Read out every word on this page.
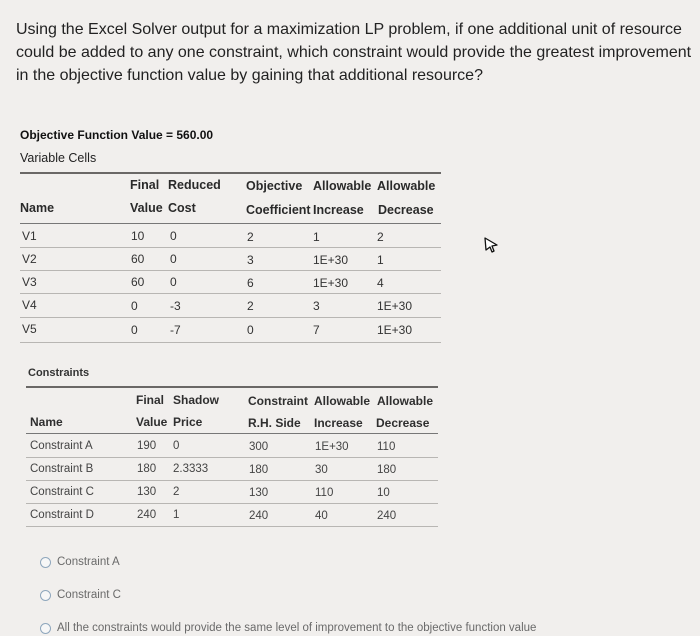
Using the Excel Solver output for a maximization LP problem, if one additional unit of resource could be added to any one constraint, which constraint would provide the greatest improvement in the objective function value by gaining that additional resource?
Objective Function Value = 560.00
Variable Cells
Final Reduced Objective Allowable Allowable
Name	Value Cost	Coefficient Increase Decrease
V1	10 0	2	1	2
V2	60 0	3	1E+30 1
V3	60 0	6	1E+30 4
V4	0	-3	2	3	1E+30
V5	0	-7	0	7	1E+30
Constraints
Final Shadow Constraint Allowable Allowable
Name	Value Price	R.H. Side Increase Decrease
Constraint A	190 0	300	1E+30 110
Constraint B	180 2.3333	180	30	180
Constraint C	130 2	130	110	10
Constraint D	240 1	240	40	240
Constraint A
Constraint C
All the constraints would provide the same level of improvement to the objective function value
